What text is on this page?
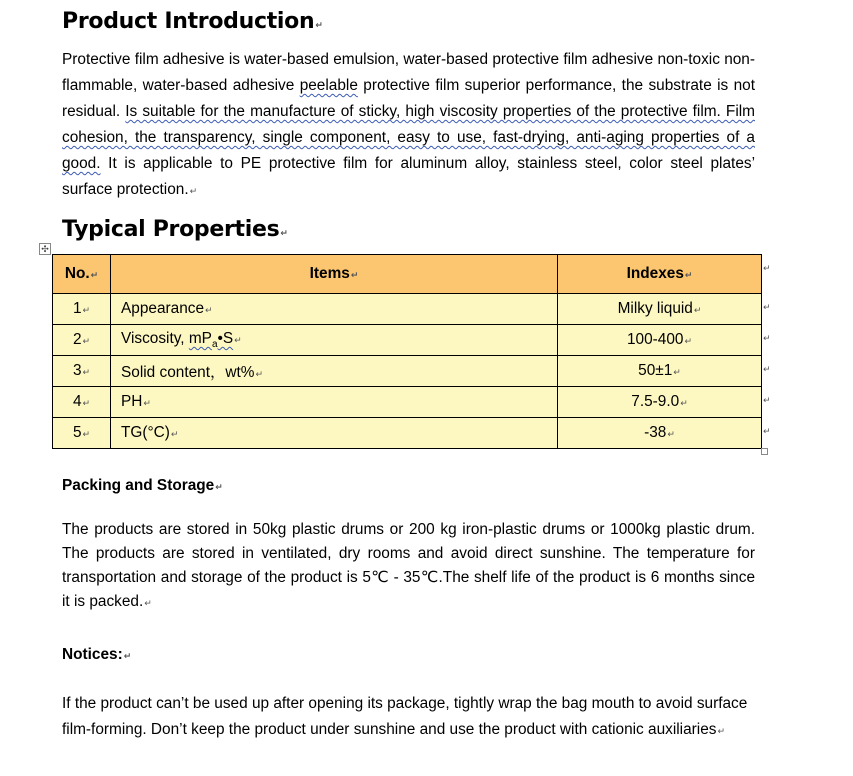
Product Introduction↵

Protective film adhesive is water-based emulsion, water-based protective film adhesive non-toxic non-flammable, water-based adhesive peelable protective film superior performance, the substrate is not residual. Is suitable for the manufacture of sticky, high viscosity properties of the protective film. Film cohesion, the transparency, single component, easy to use, fast-drying, anti-aging properties of a good. It is applicable to PE protective film for aluminum alloy, stainless steel, color steel plates’ surface protection.↵

Typical Properties↵
✣
No.↵	Items↵	Indexes↵
1↵	Appearance↵	Milky liquid↵
2↵	Viscosity, $mP_a•S↵$	100-400↵
3↵	Solid content，wt%↵	50±1↵
4↵	PH↵	7.5-9.0↵
5↵	TG(°C)↵	-38↵
↵
↵
↵
↵
↵
↵
Packing and Storage↵

The products are stored in 50kg plastic drums or 200 kg iron-plastic drums or 1000kg plastic drum. The products are stored in ventilated, dry rooms and avoid direct sunshine. The temperature for transportation and storage of the product is 5℃ - 35℃.The shelf life of the product is 6 months since it is packed.↵

Notices:↵

If the product can’t be used up after opening its package, tightly wrap the bag mouth to avoid surface film-forming. Don’t keep the product under sunshine and use the product with cationic auxiliaries↵
